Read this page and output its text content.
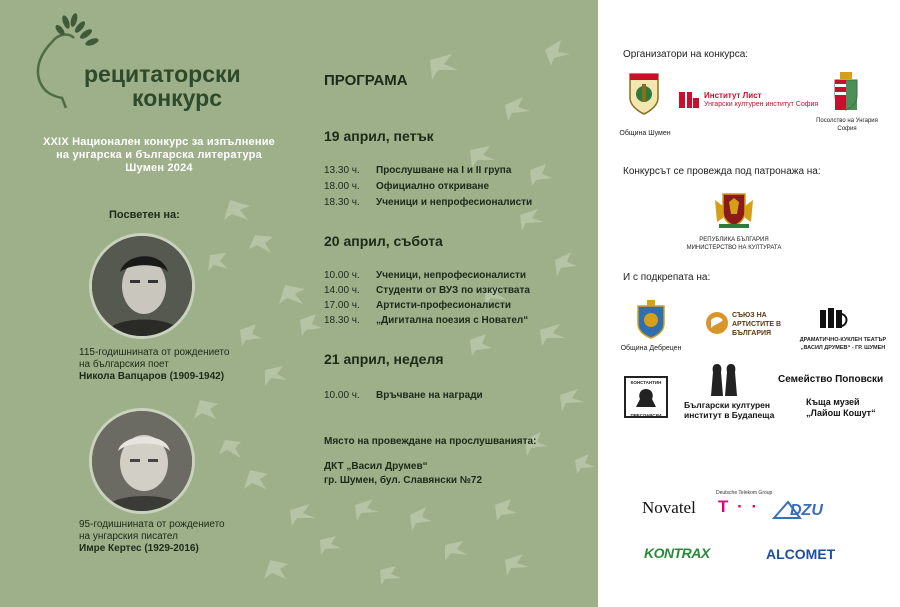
рецитаторски
конкурс
XXIX Национален конкурс за изпълнение
на унгарска и българска литература
Шумен 2024
Посветен на:
115-годишнината от рождението
на българския поет
Никола Вапцаров (1909-1942)
95-годишнината от рождението
на унгарския писател
Имре Кертес (1929-2016)
ПРОГРАМА
19 април, петък
13.30 ч. Прослушване на I и II група
18.00 ч. Официално откриване
18.30 ч. Ученици и непрофесионалисти
20 април, събота
10.00 ч. Ученици, непрофесионалисти
14.00 ч. Студенти от ВУЗ по изкуствата
17.00 ч. Артисти-професионалисти
18.30 ч. „Дигитална поезия с Новател“
21 април, неделя
10.00 ч. Връчване на награди
Място на провеждане на прослушванията:
ДКТ „Васил Друмев“
гр. Шумен, бул. Славянски №72
Организатори на конкурса:
Община Шумен
Институт Лист
Унгарски културен институт София
Посолство на Унгария
София
Конкурсът се провежда под патронажа на:
РЕПУБЛИКА БЪЛГАРИЯ
МИНИСТЕРСТВО НА КУЛТУРАТА
И с подкрепата на:
Община Дебрецен
СЪЮЗ НА
АРТИСТИТЕ В
БЪЛГАРИЯ
ДРАМАТИЧНО-КУКЛЕН ТЕАТЪР
„ВАСИЛ ДРУМЕВ“ - ГР. ШУМЕН
КОНСТАНТИН
ПРЕСЛАВСКИ
Български културен
институт в Будапеща
Семейство Поповски
Къща музей
„Лайош Кошут“
Novatel
Deutsche Telekom Group
T · · DZU
KONTRAX	ALCOMET
